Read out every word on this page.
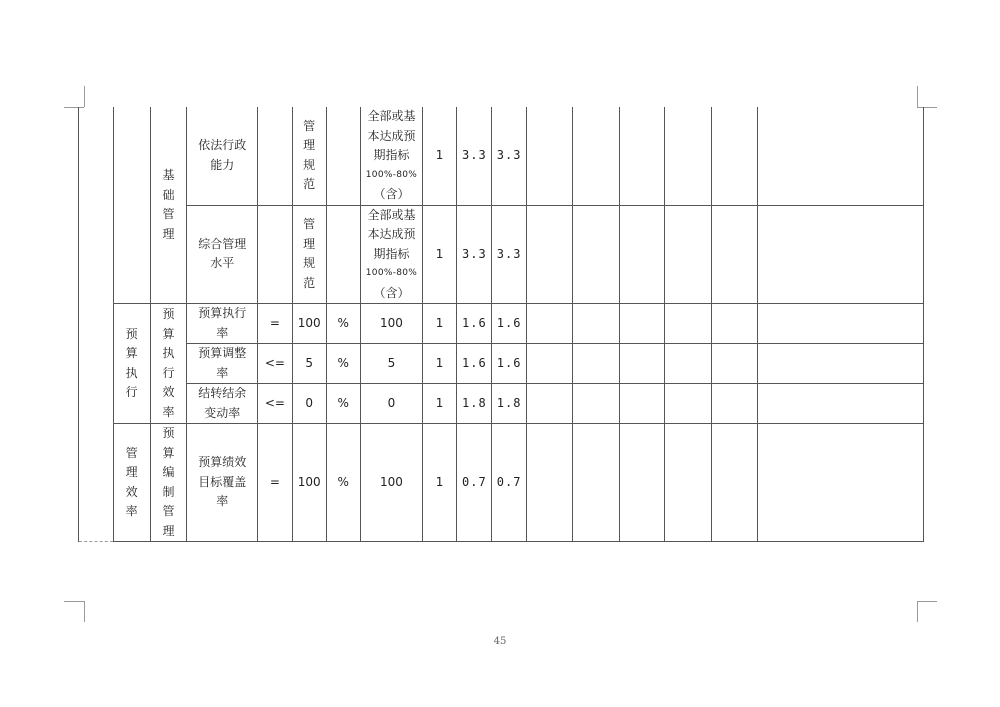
		基础管理	依法行政能力		管理规范		全部或基
本达成预
期指标
100%-80%
（含）	1	3.3	3.3						

			综合管理水平		管理规范		全部或基
本达成预
期指标
100%-80%
（含）	1	3.3	3.3						
	预算执行	预算执行效率	预算执行率	=	100	%	100	1	1.6	1.6						

			预算调整率	<=	5	%	5	1	1.6	1.6						

			结转结余变动率	<=	0	%	0	1	1.8	1.8						
	管理效率	预算编制管理	预算绩效目标覆盖率	=	100	%	100	1	0.7	0.7						
45
